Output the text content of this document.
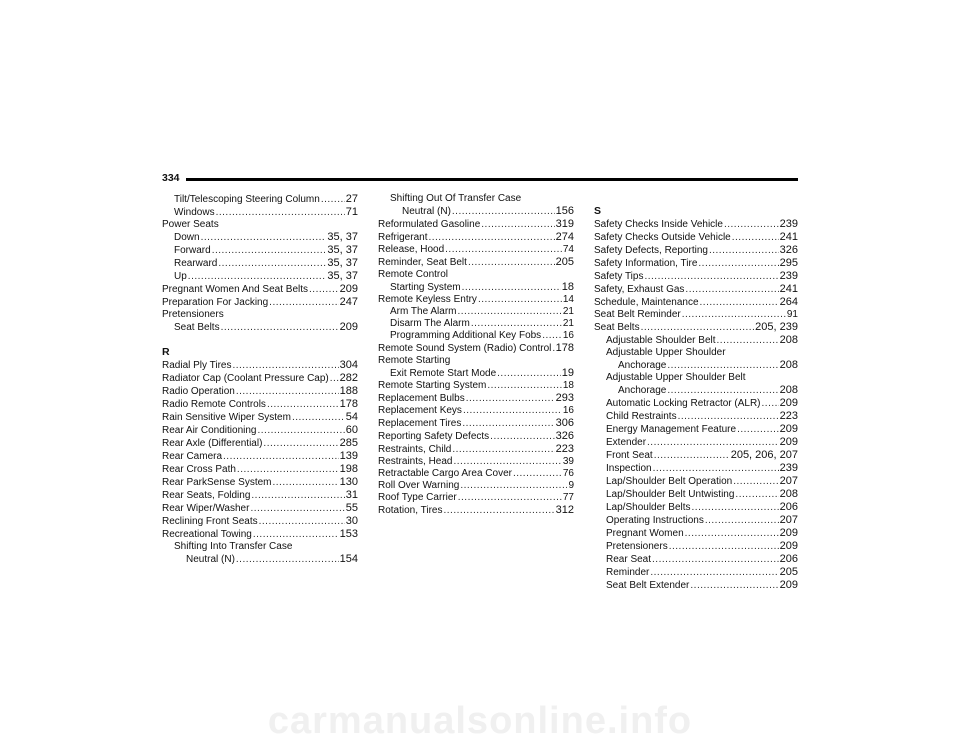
334
Tilt/Telescoping Steering Column ..... 27
Windows .....	71
Power Seats
Down .....	35, 37
Forward .....	35, 37
Rearward .....	35, 37
Up .....	35, 37
Pregnant Women And Seat Belts .....	209
Preparation For Jacking .....	247
Pretensioners
Seat Belts .....	209
R
Radial Ply Tires .....	304
Radiator Cap (Coolant Pressure Cap) ..... 282
Radio Operation .....	188
Radio Remote Controls .....	178
Rain Sensitive Wiper System .....	54
Rear Air Conditioning .....	60
Rear Axle (Differential) .....	285
Rear Camera .....	139
Rear Cross Path .....	198
Rear ParkSense System .....	130
Rear Seats, Folding .....	31
Rear Wiper/Washer .....	55
Reclining Front Seats .....	30
Recreational Towing .....	153
Shifting Into Transfer Case
Neutral (N) .....	154
Shifting Out Of Transfer Case
Neutral (N) .....	156
Reformulated Gasoline .....	319
Refrigerant .....	274
Release, Hood .....	74
Reminder, Seat Belt .....	205
Remote Control
Starting System .....	18
Remote Keyless Entry .....	14
Arm The Alarm .....	21
Disarm The Alarm .....	21
Programming Additional Key Fobs ..... 16
Remote Sound System (Radio) Control ..... 178
Remote Starting
Exit Remote Start Mode .....	19
Remote Starting System .....	18
Replacement Bulbs .....	293
Replacement Keys .....	16
Replacement Tires .....	306
Reporting Safety Defects .....	326
Restraints, Child .....	223
Restraints, Head .....	39
Retractable Cargo Area Cover .....	76
Roll Over Warning .....	9
Roof Type Carrier .....	77
Rotation, Tires .....	312
S
Safety Checks Inside Vehicle .....	239
Safety Checks Outside Vehicle .....	241
Safety Defects, Reporting .....	326
Safety Information, Tire .....	295
Safety Tips .....	239
Safety, Exhaust Gas .....	241
Schedule, Maintenance .....	264
Seat Belt Reminder .....	91
Seat Belts .....	205, 239
Adjustable Shoulder Belt .....	208
Adjustable Upper Shoulder
Anchorage .....	208
Adjustable Upper Shoulder Belt
Anchorage .....	208
Automatic Locking Retractor (ALR) ..... 209
Child Restraints .....	223
Energy Management Feature .....	209
Extender .....	209
Front Seat .....	205, 206, 207
Inspection .....	239
Lap/Shoulder Belt Operation .....	207
Lap/Shoulder Belt Untwisting .....	208
Lap/Shoulder Belts .....	206
Operating Instructions .....	207
Pregnant Women .....	209
Pretensioners .....	209
Rear Seat .....	206
Reminder .....	205
Seat Belt Extender .....	209
carmanualsonline.info
